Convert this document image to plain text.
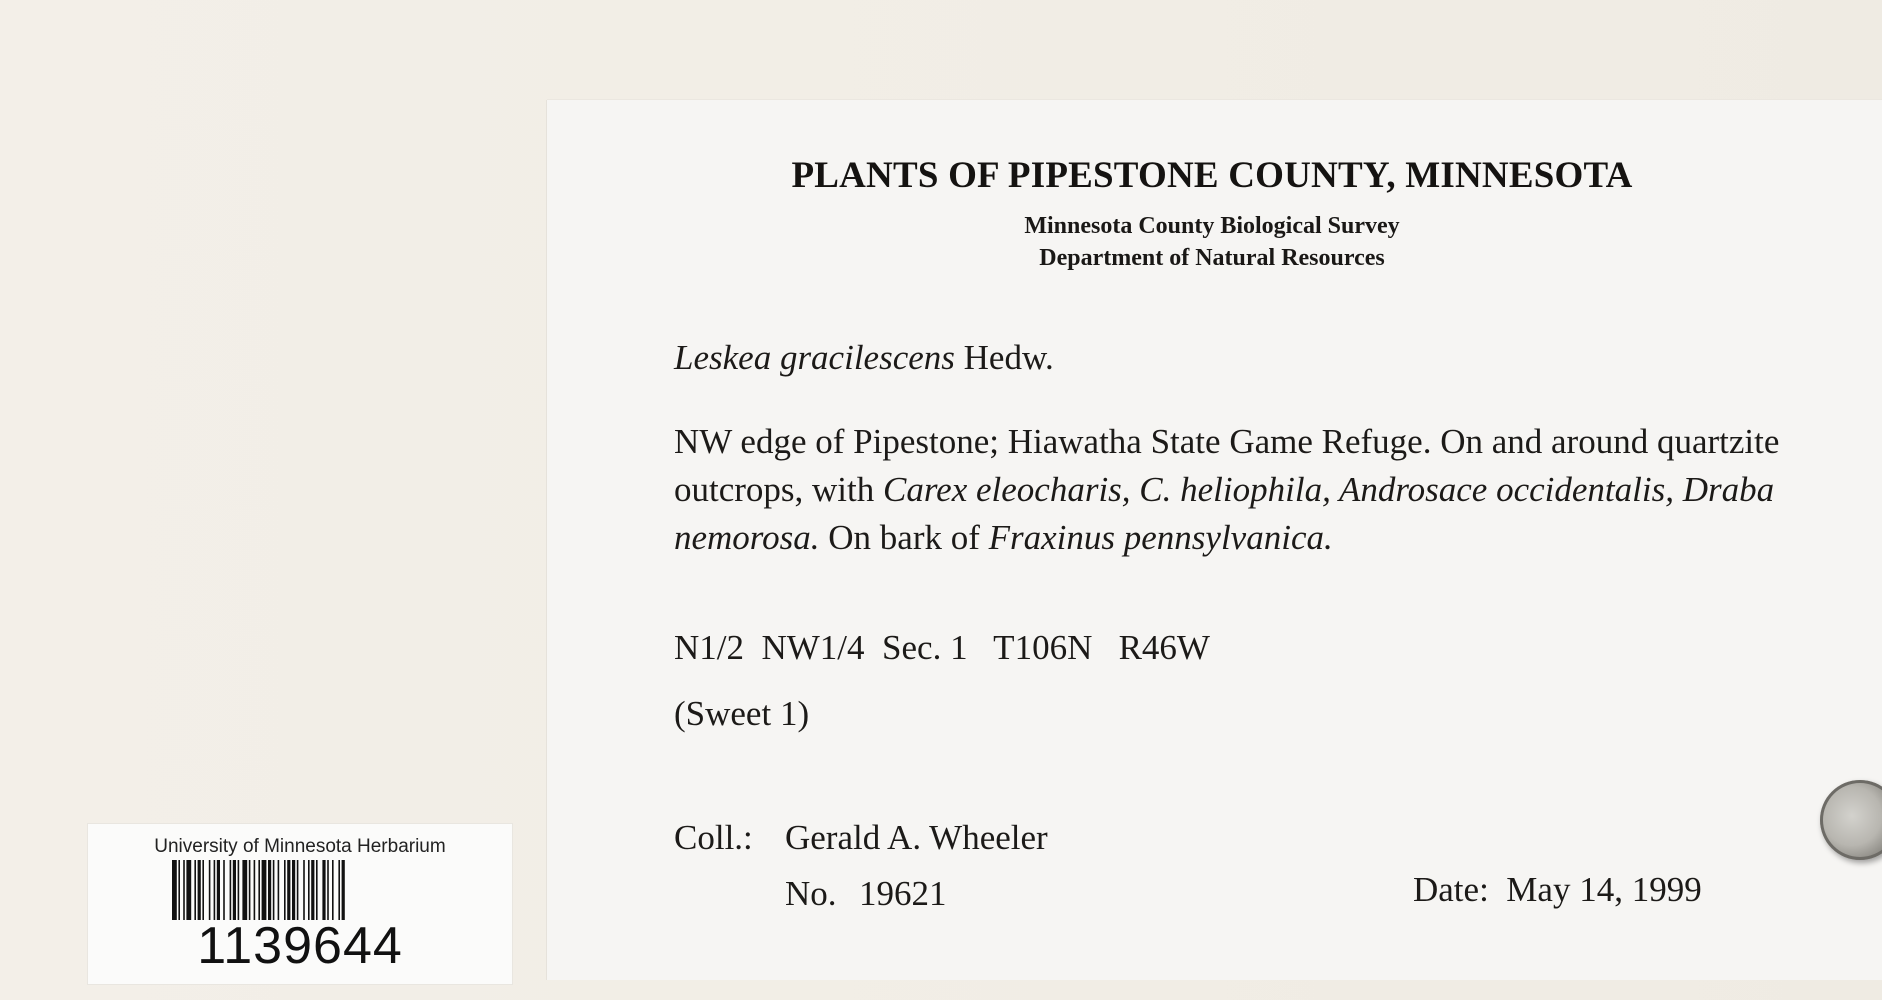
PLANTS OF PIPESTONE COUNTY, MINNESOTA
Minnesota County Biological Survey
Department of Natural Resources
Leskea gracilescens Hedw.
NW edge of Pipestone; Hiawatha State Game Refuge. On and around quartzite outcrops, with Carex eleocharis, C. heliophila, Androsace occidentalis, Draba nemorosa. On bark of Fraxinus pennsylvanica.
N1/2  NW1/4  Sec. 1   T106N   R46W
(Sweet 1)
Coll.: Gerald A. Wheeler
No. 19621	Date:  May 14, 1999
University of Minnesota Herbarium
1139644
